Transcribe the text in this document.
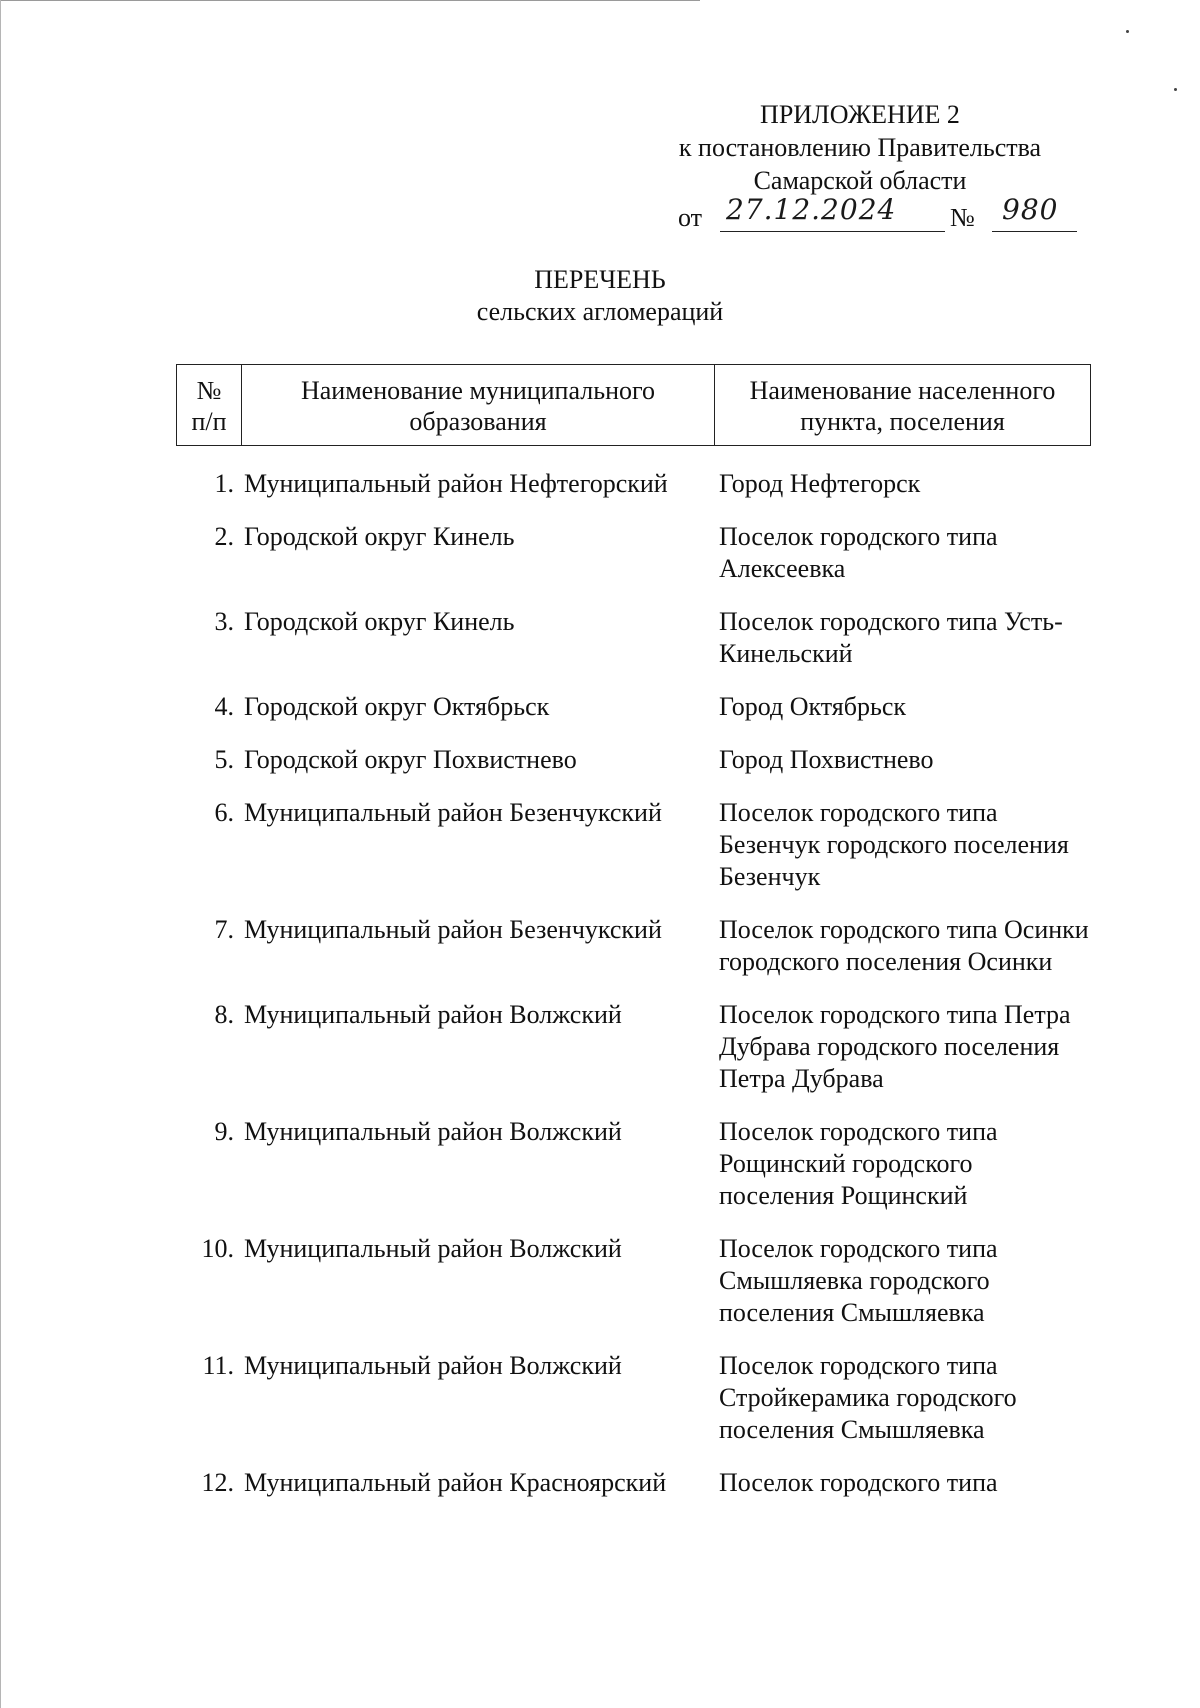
ПРИЛОЖЕНИЕ 2
к постановлению Правительства
Самарской области
от 27.12.2024 № 980
ПЕРЕЧЕНЬ
сельских агломераций
№ п/п	Наименование муниципального образования	Наименование населенного пункта, поселения
1.	Муниципальный район Нефтегорский	Город Нефтегорск
2.	Городской округ Кинель	Поселок городского типа Алексеевка
3.	Городской округ Кинель	Поселок городского типа Усть-Кинельский
4.	Городской округ Октябрьск	Город Октябрьск
5.	Городской округ Похвистнево	Город Похвистнево
6.	Муниципальный район Безенчукский	Поселок городского типа Безенчук городского поселения Безенчук
7.	Муниципальный район Безенчукский	Поселок городского типа Осинки городского поселения Осинки
8.	Муниципальный район Волжский	Поселок городского типа Петра Дубрава городского поселения Петра Дубрава
9.	Муниципальный район Волжский	Поселок городского типа Рощинский городского поселения Рощинский
10.	Муниципальный район Волжский	Поселок городского типа Смышляевка городского поселения Смышляевка
11.	Муниципальный район Волжский	Поселок городского типа Стройкерамика городского поселения Смышляевка
12.	Муниципальный район Красноярский	Поселок городского типа
